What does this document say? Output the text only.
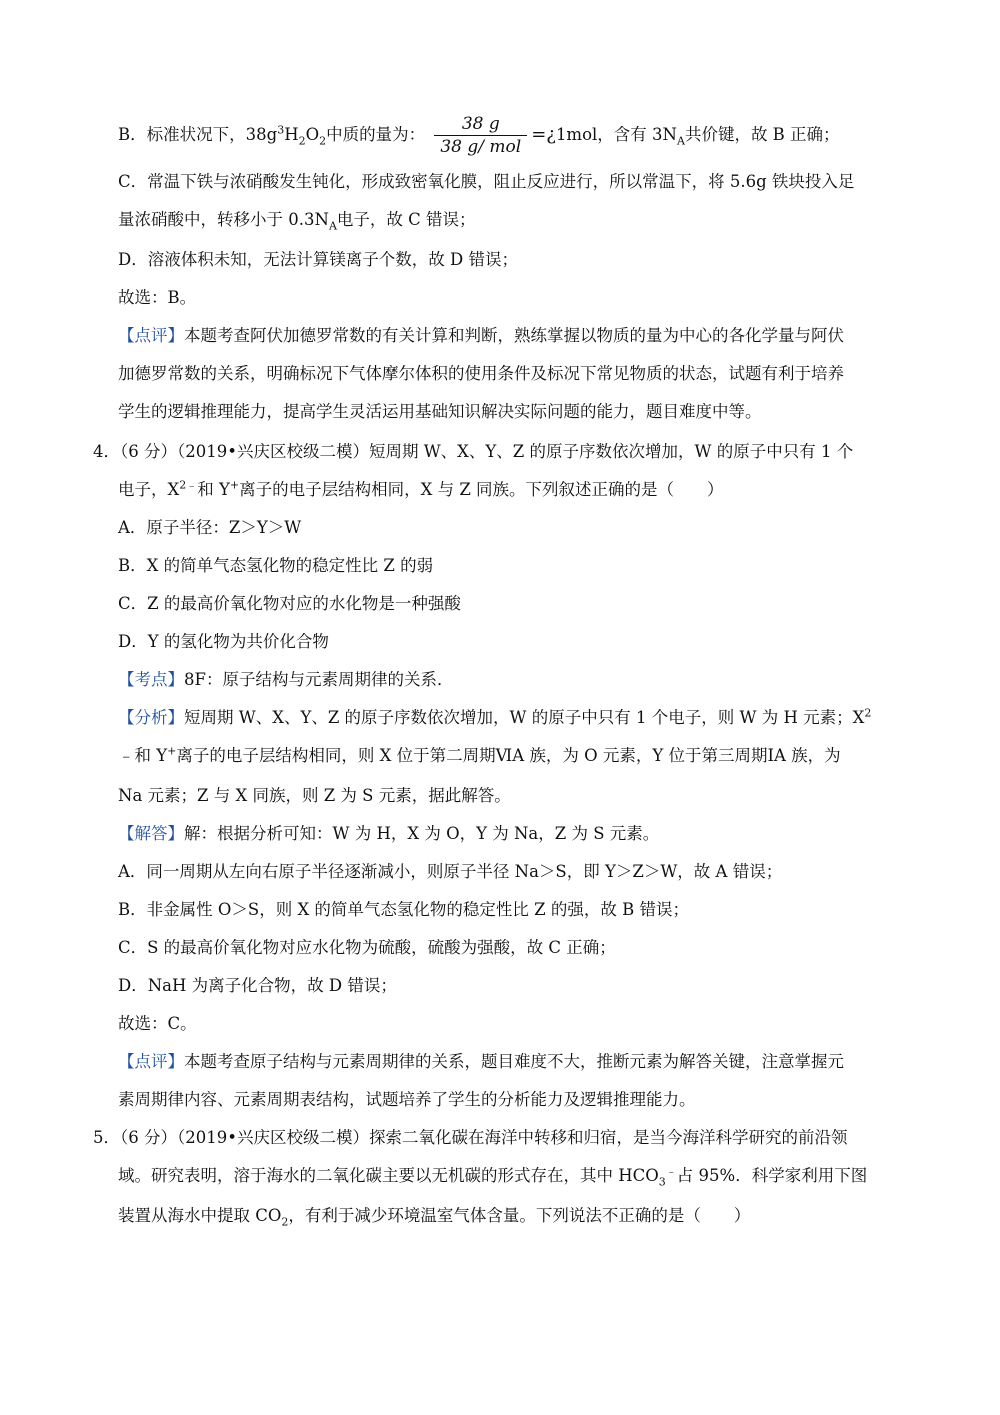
B．标准状况下，$38g^3H_2O_2$中质的量为： $\frac{38 g}{\text{38 g/ mol}}$ =¿1mol，含有 $3N_A$共价键，故 B 正确；
C．常温下铁与浓硝酸发生钝化，形成致密氧化膜，阻止反应进行，所以常温下，将 5.6g 铁块投入足
量浓硝酸中，转移小于 $0.3N_A$电子，故 C 错误；
D．溶液体积未知，无法计算镁离子个数，故 D 错误；
故选：B。
【点评】本题考查阿伏加德罗常数的有关计算和判断，熟练掌握以物质的量为中心的各化学量与阿伏
加德罗常数的关系，明确标况下气体摩尔体积的使用条件及标况下常见物质的状态，试题有利于培养
学生的逻辑推理能力，提高学生灵活运用基础知识解决实际问题的能力，题目难度中等。
4．（6 分）（2019•兴庆区校级二模）短周期 W、X、Y、Z 的原子序数依次增加，W 的原子中只有 1 个
电子，$X^{2﹣}$和 Y+离子的电子层结构相同，X 与 Z 同族。下列叙述正确的是（　　）
A．原子半径：Z＞Y＞W
B．X 的简单气态氢化物的稳定性比 Z 的弱
C．Z 的最高价氧化物对应的水化物是一种强酸
D．Y 的氢化物为共价化合物
【考点】8F：原子结构与元素周期律的关系．
【分析】短周期 W、X、Y、Z 的原子序数依次增加，W 的原子中只有 1 个电子，则 W 为 H 元素；$X^2$
﹣和 Y+离子的电子层结构相同，则 X 位于第二周期ⅥA 族，为 O 元素，Y 位于第三周期ⅠA 族，为
Na 元素；Z 与 X 同族，则 Z 为 S 元素，据此解答。
【解答】解：根据分析可知：W 为 H，X 为 O，Y 为 Na，Z 为 S 元素。
A．同一周期从左向右原子半径逐渐减小，则原子半径 Na＞S，即 Y＞Z＞W，故 A 错误；
B．非金属性 O＞S，则 X 的简单气态氢化物的稳定性比 Z 的强，故 B 错误；
C．S 的最高价氧化物对应水化物为硫酸，硫酸为强酸，故 C 正确；
D．NaH 为离子化合物，故 D 错误；
故选：C。
【点评】本题考查原子结构与元素周期律的关系，题目难度不大，推断元素为解答关键，注意掌握元
素周期律内容、元素周期表结构，试题培养了学生的分析能力及逻辑推理能力。
5．（6 分）（2019•兴庆区校级二模）探索二氧化碳在海洋中转移和归宿，是当今海洋科学研究的前沿领
域。研究表明，溶于海水的二氧化碳主要以无机碳的形式存在，其中 $HCO_3^﹣$占 95%．科学家利用下图
装置从海水中提取 $CO_2$，有利于减少环境温室气体含量。下列说法不正确的是（　　）
